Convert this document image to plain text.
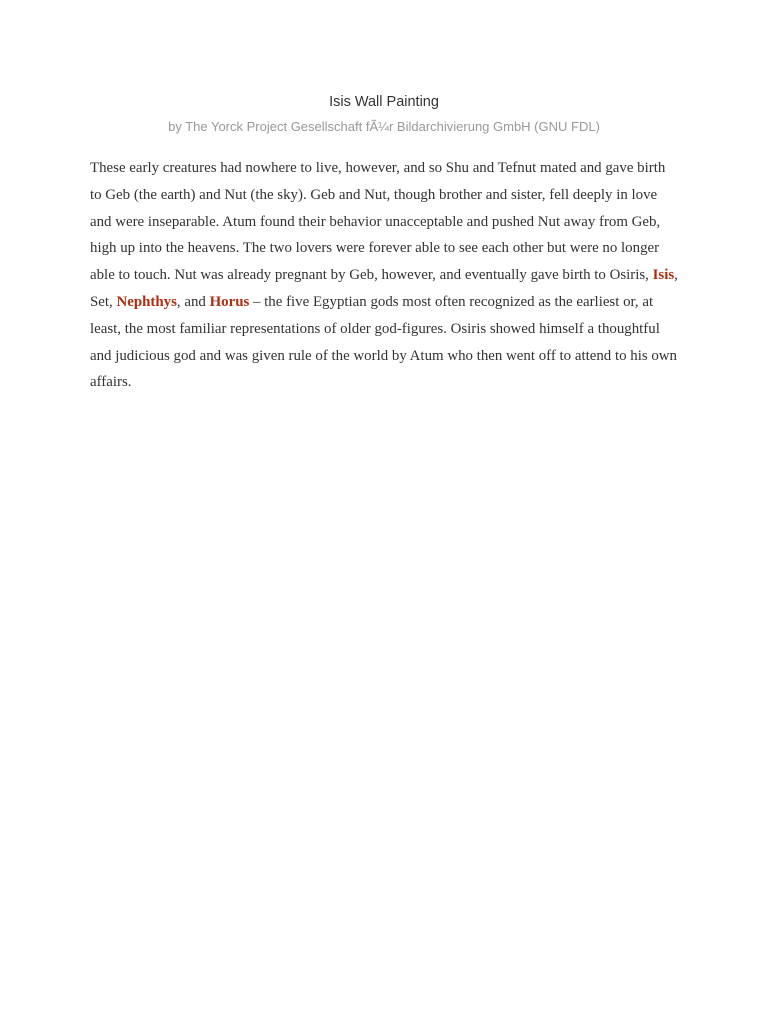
Isis Wall Painting

by The Yorck Project Gesellschaft fÃ¼r Bildarchivierung GmbH (GNU FDL)

These early creatures had nowhere to live, however, and so Shu and Tefnut mated and gave birth to Geb (the earth) and Nut (the sky). Geb and Nut, though brother and sister, fell deeply in love and were inseparable. Atum found their behavior unacceptable and pushed Nut away from Geb, high up into the heavens. The two lovers were forever able to see each other but were no longer able to touch. Nut was already pregnant by Geb, however, and eventually gave birth to Osiris, Isis, Set, Nephthys, and Horus – the five Egyptian gods most often recognized as the earliest or, at least, the most familiar representations of older god-figures. Osiris showed himself a thoughtful and judicious god and was given rule of the world by Atum who then went off to attend to his own affairs.
